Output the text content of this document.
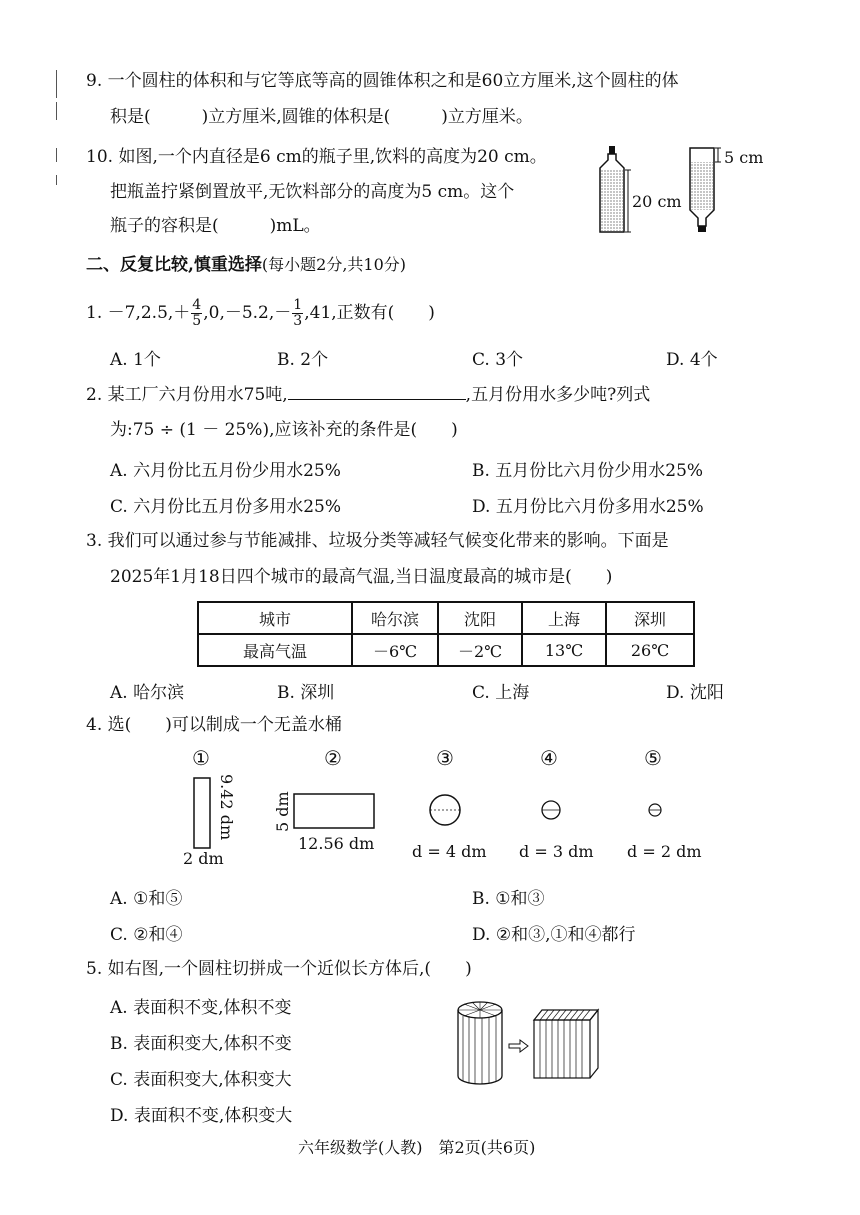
9. 一个圆柱的体积和与它等底等高的圆锥体积之和是60立方厘米,这个圆柱的体
积是(　　　)立方厘米,圆锥的体积是(　　　)立方厘米。
10. 如图,一个内直径是6 cm的瓶子里,饮料的高度为20 cm。
把瓶盖拧紧倒置放平,无饮料部分的高度为5 cm。这个
瓶子的容积是(　　　)mL。
20 cm
5 cm
二、反复比较,慎重选择(每小题2分,共10分)
1. $-7,2.5,+ \frac{4}{5} ,0,-5.2,- \frac{1}{3} ,41$,正数有(　　)
A. 1个	B. 2个	C. 3个	D. 4个
2. 某工厂六月份用水75吨,	,五月份用水多少吨?列式
为:75 ÷ (1 － 25%),应该补充的条件是(　　)
A. 六月份比五月份少用水25%	B. 五月份比六月份少用水25%
C. 六月份比五月份多用水25%	D. 五月份比六月份多用水25%
3. 我们可以通过参与节能减排、垃圾分类等减轻气候变化带来的影响。下面是
2025年1月18日四个城市的最高气温,当日温度最高的城市是(　　)
城市	哈尔滨	沈阳	上海	深圳
最高气温	－6℃	－2℃	13℃	26℃
A. 哈尔滨	B. 深圳	C. 上海	D. 沈阳
4. 选(　　)可以制成一个无盖水桶
①	②	③	④	⑤
9.42 dm
2 dm
5 dm
12.56 dm d = 4 dm d = 3 dm d = 2 dm
A. ①和⑤	B. ①和③
C. ②和④	D. ②和③,①和④都行
5. 如右图,一个圆柱切拼成一个近似长方体后,(　　)
A. 表面积不变,体积不变
B. 表面积变大,体积不变
C. 表面积变大,体积变大
D. 表面积不变,体积变大
六年级数学(人教)　第2页(共6页)
